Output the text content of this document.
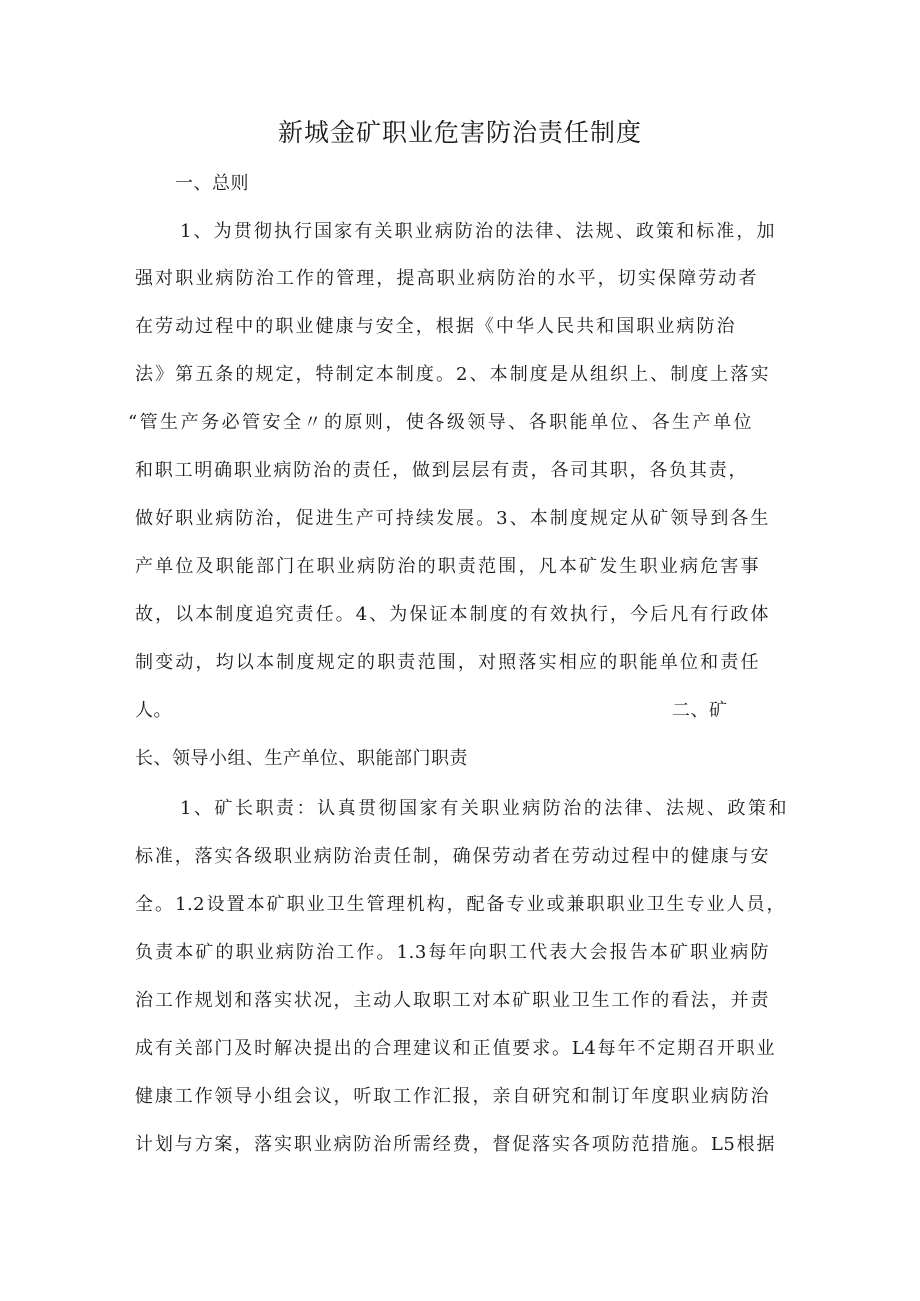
新城金矿职业危害防治责任制度
一、总则
1、为贯彻执行国家有关职业病防治的法律、法规、政策和标准，加
强对职业病防治工作的管理，提高职业病防治的水平，切实保障劳动者
在劳动过程中的职业健康与安全，根据《中华人民共和国职业病防治
法》第五条的规定，特制定本制度。2、本制度是从组织上、制度上落实
“管生产务必管安全〃的原则，使各级领导、各职能单位、各生产单位
和职工明确职业病防治的责任，做到层层有责，各司其职，各负其责，
做好职业病防治，促进生产可持续发展。3、本制度规定从矿领导到各生
产单位及职能部门在职业病防治的职责范围，凡本矿发生职业病危害事
故，以本制度追究责任。4、为保证本制度的有效执行，今后凡有行政体
制变动，均以本制度规定的职责范围，对照落实相应的职能单位和责任
人。	二、矿
长、领导小组、生产单位、职能部门职责
1、矿长职责：认真贯彻国家有关职业病防治的法律、法规、政策和
标准，落实各级职业病防治责任制，确保劳动者在劳动过程中的健康与安
全。1.2设置本矿职业卫生管理机构，配备专业或兼职职业卫生专业人员，
负责本矿的职业病防治工作。1.3每年向职工代表大会报告本矿职业病防
治工作规划和落实状况，主动人取职工对本矿职业卫生工作的看法，并责
成有关部门及时解决提出的合理建议和正值要求。L4每年不定期召开职业
健康工作领导小组会议，听取工作汇报，亲自研究和制订年度职业病防治
计划与方案，落实职业病防治所需经费，督促落实各项防范措施。L5根据
